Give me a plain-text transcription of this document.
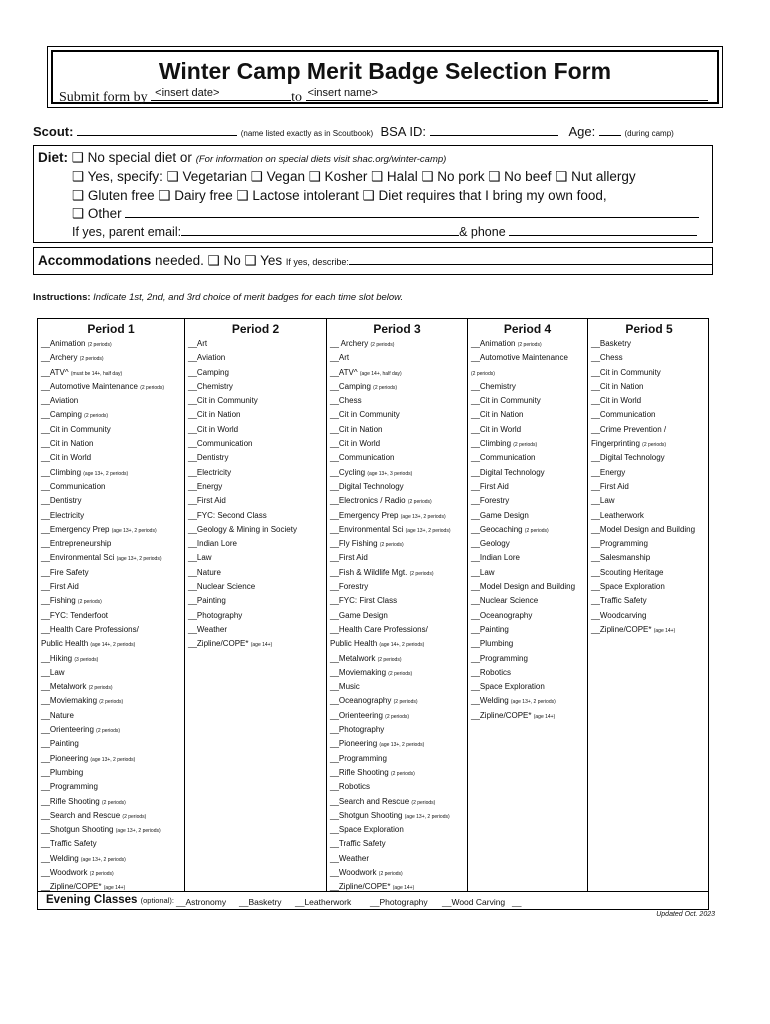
Winter Camp Merit Badge Selection Form
Submit form by <insert date>	to <insert name>
Scout:	(name listed exactly as in Scoutbook) BSA ID:	Age:	(during camp)
Diet: ❑ No special diet or (For information on special diets visit shac.org/winter-camp)
❑ Yes, specify: ❑ Vegetarian ❑ Vegan ❑ Kosher ❑ Halal ❑ No pork ❑ No beef ❑ Nut allergy
❑ Gluten free ❑ Dairy free ❑ Lactose intolerant ❑ Diet requires that I bring my own food,
❑ Other
If yes, parent email:	& phone
Accommodations needed. ❑ No ❑ Yes If yes, describe:
Instructions: Indicate 1st, 2nd, and 3rd choice of merit badges for each time slot below.
Period 1
__Animation (2 periods)
__Archery (2 periods)
__ATV^ (must be 14+, half day)
__Automotive Maintenance (2 periods)
__Aviation
__Camping (2 periods)
__Cit in Community
__Cit in Nation
__Cit in World
__Climbing (age 13+, 2 periods)
__Communication
__Dentistry
__Electricity
__Emergency Prep (age 13+, 2 periods)
__Entrepreneurship
__Environmental Sci (age 13+, 2 periods)
__Fire Safety
__First Aid
__Fishing (2 periods)
__FYC: Tenderfoot
__Health Care Professions/
Public Health (age 14+, 2 periods)
__Hiking (3 periods)
__Law
__Metalwork (2 periods)
__Moviemaking (2 periods)
__Nature
__Orienteering (2 periods)
__Painting
__Pioneering (age 13+, 2 periods)
__Plumbing
__Programming
__Rifle Shooting (2 periods)
__Search and Rescue (2 periods)
__Shotgun Shooting (age 13+, 2 periods)
__Traffic Safety
__Welding (age 13+, 2 periods)
__Woodwork (2 periods)
__Zipline/COPE* (age 14+)
Period 2
__Art
__Aviation
__Camping
__Chemistry
__Cit in Community
__Cit in Nation
__Cit in World
__Communication
__Dentistry
__Electricity
__Energy
__First Aid
__FYC: Second Class
__Geology & Mining in Society
__Indian Lore
__Law
__Nature
__Nuclear Science
__Painting
__Photography
__Weather
__Zipline/COPE* (age 14+)
Period 3
__ Archery (2 periods)
__Art
__ATV^ (age 14+, half day)
__Camping (2 periods)
__Chess
__Cit in Community
__Cit in Nation
__Cit in World
__Communication
__Cycling (age 13+, 3 periods)
__Digital Technology
__Electronics / Radio (2 periods)
__Emergency Prep (age 13+, 2 periods)
__Environmental Sci (age 13+, 2 periods)
__Fly Fishing (2 periods)
__First Aid
__Fish & Wildlife Mgt. (2 periods)
__Forestry
__FYC: First Class
__Game Design
__Health Care Professions/
Public Health (age 14+, 2 periods)
__Metalwork (2 periods)
__Moviemaking (2 periods)
__Music
__Oceanography (2 periods)
__Orienteering (2 periods)
__Photography
__Pioneering (age 13+, 2 periods)
__Programming
__Rifle Shooting (2 periods)
__Robotics
__Search and Rescue (2 periods)
__Shotgun Shooting (age 13+, 2 periods)
__Space Exploration
__Traffic Safety
__Weather
__Woodwork (2 periods)
__Zipline/COPE* (age 14+)
Period 4
__Animation (2 periods)
__Automotive Maintenance
(2 periods)
__Chemistry
__Cit in Community
__Cit in Nation
__Cit in World
__Climbing (2 periods)
__Communication
__Digital Technology
__First Aid
__Forestry
__Game Design
__Geocaching (2 periods)
__Geology
__Indian Lore
__Law
__Model Design and Building
__Nuclear Science
__Oceanography
__Painting
__Plumbing
__Programming
__Robotics
__Space Exploration
__Welding (age 13+, 2 periods)
__Zipline/COPE* (age 14+)
Period 5
__Basketry
__Chess
__Cit in Community
__Cit in Nation
__Cit in World
__Communication
__Crime Prevention /
Fingerprinting (2 periods)
__Digital Technology
__Energy
__First Aid
__Law
__Leatherwork
__Model Design and Building
__Programming
__Salesmanship
__Scouting Heritage
__Space Exploration
__Traffic Safety
__Woodcarving
__Zipline/COPE* (age 14+)
Evening Classes (optional): __Astronomy __Basketry __Leatherwork __Photography __Wood Carving __
Updated Oct. 2023
